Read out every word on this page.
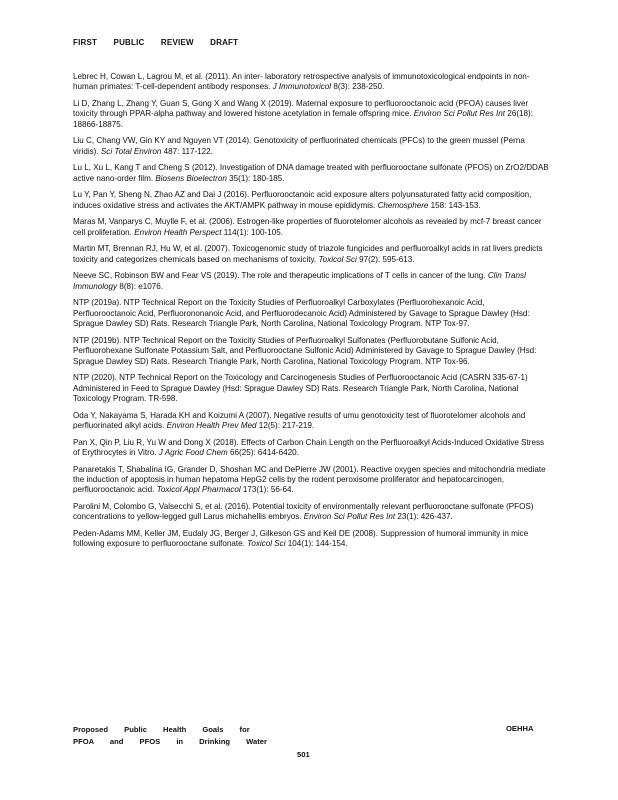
FIRST PUBLIC REVIEW DRAFT

Lebrec H, Cowan L, Lagrou M, et al. (2011). An inter- laboratory retrospective analysis of immunotoxicological endpoints in non-human primates: T-cell-dependent antibody responses. J Immunotoxicol 8(3): 238-250.

Li D, Zhang L, Zhang Y, Guan S, Gong X and Wang X (2019). Maternal exposure to perfluorooctanoic acid (PFOA) causes liver toxicity through PPAR-alpha pathway and lowered histone acetylation in female offspring mice. Environ Sci Pollut Res Int 26(18): 18866-18875.

Liu C, Chang VW, Gin KY and Nguyen VT (2014). Genotoxicity of perfluorinated chemicals (PFCs) to the green mussel (Perna viridis). Sci Total Environ 487: 117-122.

Lu L, Xu L, Kang T and Cheng S (2012). Investigation of DNA damage treated with perfluorooctane sulfonate (PFOS) on ZrO2/DDAB active nano-order film. Biosens Bioelectron 35(1): 180-185.

Lu Y, Pan Y, Sheng N, Zhao AZ and Dai J (2016). Perfluorooctanoic acid exposure alters polyunsaturated fatty acid composition, induces oxidative stress and activates the AKT/AMPK pathway in mouse epididymis. Chemosphere 158: 143-153.

Maras M, Vanparys C, Muylle F, et al. (2006). Estrogen-like properties of fluorotelomer alcohols as revealed by mcf-7 breast cancer cell proliferation. Environ Health Perspect 114(1): 100-105.

Martin MT, Brennan RJ, Hu W, et al. (2007). Toxicogenomic study of triazole fungicides and perfluoroalkyl acids in rat livers predicts toxicity and categorizes chemicals based on mechanisms of toxicity. Toxicol Sci 97(2): 595-613.

Neeve SC, Robinson BW and Fear VS (2019). The role and therapeutic implications of T cells in cancer of the lung. Clin Transl Immunology 8(8): e1076.

NTP (2019a). NTP Technical Report on the Toxicity Studies of Perfluoroalkyl Carboxylates (Perfluorohexanoic Acid, Perfluorooctanoic Acid, Perfluorononanoic Acid, and Perfluorodecanoic Acid) Administered by Gavage to Sprague Dawley (Hsd: Sprague Dawley SD) Rats. Research Triangle Park, North Carolina, National Toxicology Program. NTP Tox-97.

NTP (2019b). NTP Technical Report on the Toxicity Studies of Perfluoroalkyl Sulfonates (Perfluorobutane Sulfonic Acid, Perfluorohexane Sulfonate Potassium Salt, and Perfluorooctane Sulfonic Acid) Administered by Gavage to Sprague Dawley (Hsd: Sprague Dawley SD) Rats. Research Triangle Park, North Carolina, National Toxicology Program. NTP Tox-96.

NTP (2020). NTP Technical Report on the Toxicology and Carcinogenesis Studies of Perfluorooctanoic Acid (CASRN 335-67-1) Administered in Feed to Sprague Dawley (Hsd: Sprague Dawley SD) Rats. Research Triangle Park, North Carolina, National Toxicology Program. TR-598.

Oda Y, Nakayama S, Harada KH and Koizumi A (2007). Negative results of umu genotoxicity test of fluorotelomer alcohols and perfluorinated alkyl acids. Environ Health Prev Med 12(5): 217-219.

Pan X, Qin P, Liu R, Yu W and Dong X (2018). Effects of Carbon Chain Length on the Perfluoroalkyl Acids-Induced Oxidative Stress of Erythrocytes in Vitro. J Agric Food Chem 66(25): 6414-6420.

Panaretakis T, Shabalina IG, Grander D, Shoshan MC and DePierre JW (2001). Reactive oxygen species and mitochondria mediate the induction of apoptosis in human hepatoma HepG2 cells by the rodent peroxisome proliferator and hepatocarcinogen, perfluorooctanoic acid. Toxicol Appl Pharmacol 173(1): 56-64.

Parolini M, Colombo G, Valsecchi S, et al. (2016). Potential toxicity of environmentally relevant perfluorooctane sulfonate (PFOS) concentrations to yellow-legged gull Larus michahellis embryos. Environ Sci Pollut Res Int 23(1): 426-437.

Peden-Adams MM, Keller JM, Eudaly JG, Berger J, Gilkeson GS and Keil DE (2008). Suppression of humoral immunity in mice following exposure to perfluorooctane sulfonate. Toxicol Sci 104(1): 144-154.

Proposed Public Health Goals for
PFOA and PFOS in Drinking Water
OEHHA
501
